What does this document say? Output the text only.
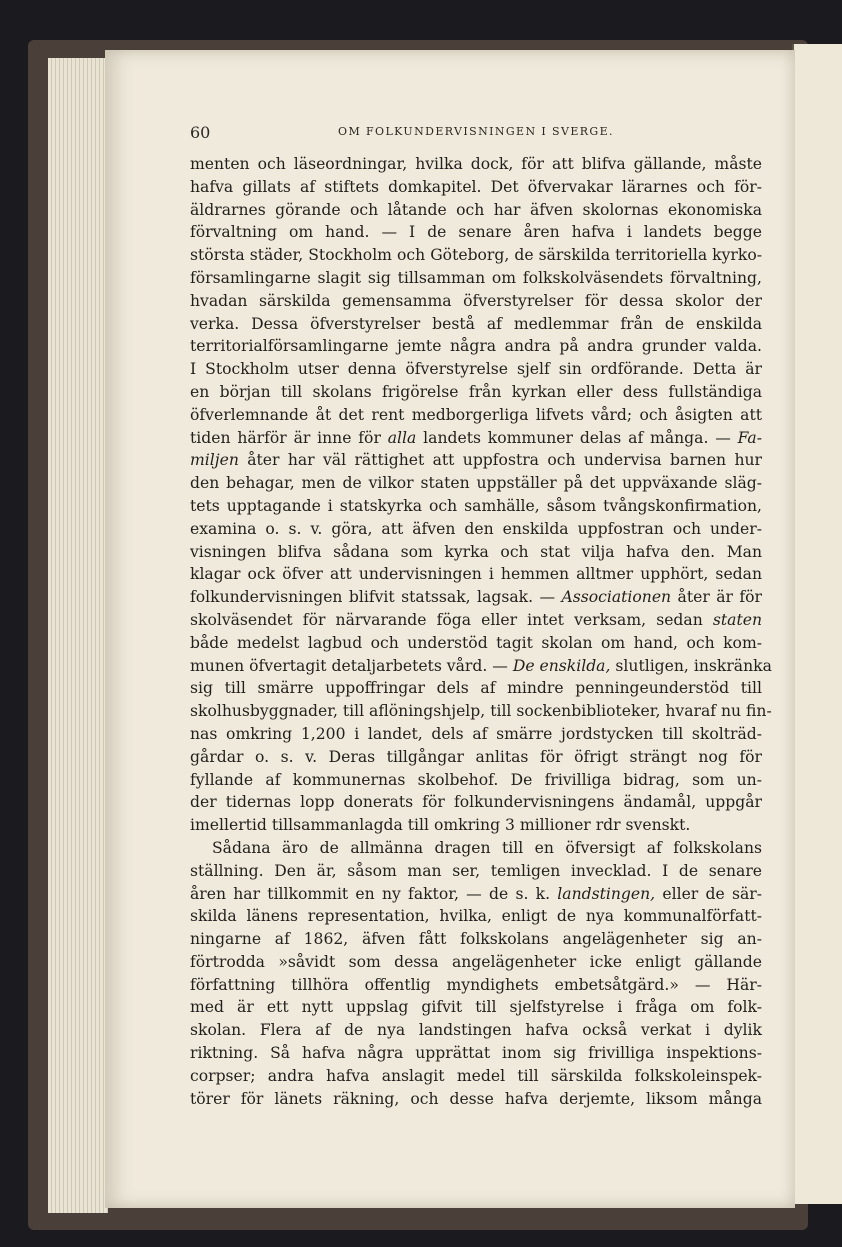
60	OM FOLKUNDERVISNINGEN I SVERGE.
menten och läseordningar, hvilka dock, för att blifva gällande, måste
hafva gillats af stiftets domkapitel. Det öfvervakar lärarnes och för-
äldrarnes görande och låtande och har äfven skolornas ekonomiska
förvaltning om hand. — I de senare åren hafva i landets begge
största städer, Stockholm och Göteborg, de särskilda territoriella kyrko-
församlingarne slagit sig tillsamman om folkskolväsendets förvaltning,
hvadan särskilda gemensamma öfverstyrelser för dessa skolor der
verka. Dessa öfverstyrelser bestå af medlemmar från de enskilda
territorialförsamlingarne jemte några andra på andra grunder valda.
I Stockholm utser denna öfverstyrelse sjelf sin ordförande. Detta är
en början till skolans frigörelse från kyrkan eller dess fullständiga
öfverlemnande åt det rent medborgerliga lifvets vård; och åsigten att
tiden härför är inne för alla landets kommuner delas af många. — Fa-
miljen åter har väl rättighet att uppfostra och undervisa barnen hur
den behagar, men de vilkor staten uppställer på det uppväxande släg-
tets upptagande i statskyrka och samhälle, såsom tvångskonfirmation,
examina o. s. v. göra, att äfven den enskilda uppfostran och under-
visningen blifva sådana som kyrka och stat vilja hafva den. Man
klagar ock öfver att undervisningen i hemmen alltmer upphört, sedan
folkundervisningen blifvit statssak, lagsak. — Associationen åter är för
skolväsendet för närvarande föga eller intet verksam, sedan staten
både medelst lagbud och understöd tagit skolan om hand, och kom-
munen öfvertagit detaljarbetets vård. — De enskilda, slutligen, inskränka
sig till smärre uppoffringar dels af mindre penningeunderstöd till
skolhusbyggnader, till aflöningshjelp, till sockenbiblioteker, hvaraf nu fin-
nas omkring 1,200 i landet, dels af smärre jordstycken till skolträd-
gårdar o. s. v. Deras tillgångar anlitas för öfrigt strängt nog för
fyllande af kommunernas skolbehof. De frivilliga bidrag, som un-
der tidernas lopp donerats för folkundervisningens ändamål, uppgår
imellertid tillsammanlagda till omkring 3 millioner rdr svenskt.
Sådana äro de allmänna dragen till en öfversigt af folkskolans
ställning. Den är, såsom man ser, temligen invecklad. I de senare
åren har tillkommit en ny faktor, — de s. k. landstingen, eller de sär-
skilda länens representation, hvilka, enligt de nya kommunalförfatt-
ningarne af 1862, äfven fått folkskolans angelägenheter sig an-
förtrodda »såvidt som dessa angelägenheter icke enligt gällande
författning tillhöra offentlig myndighets embetsåtgärd.» — Här-
med är ett nytt uppslag gifvit till sjelfstyrelse i fråga om folk-
skolan. Flera af de nya landstingen hafva också verkat i dylik
riktning. Så hafva några upprättat inom sig frivilliga inspektions-
corpser; andra hafva anslagit medel till särskilda folkskoleinspek-
törer för länets räkning, och desse hafva derjemte, liksom många
